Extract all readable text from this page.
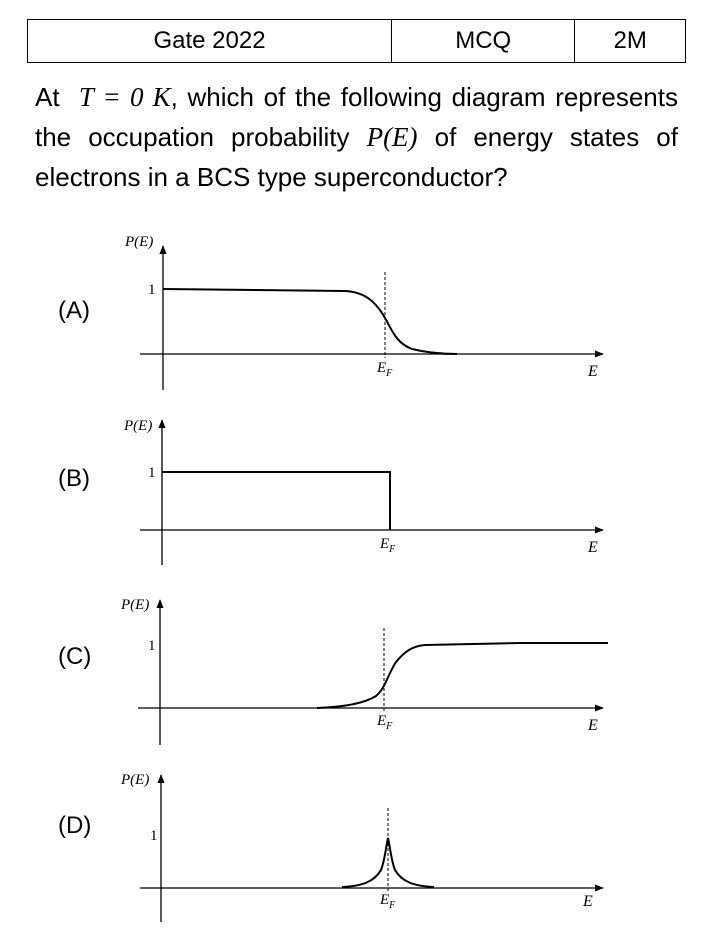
Gate 2022	MCQ	2M

At T = 0 K, which of the following diagram represents the occupation probability P(E) of energy states of electrons in a BCS type superconductor?

(A)
(B)
(C)
(D)
P(E)
1
$E_F$	E
P(E)
1
$E_F$	E
P(E)
1
$E_F$	E
P(E)
1
$E_F$	E
